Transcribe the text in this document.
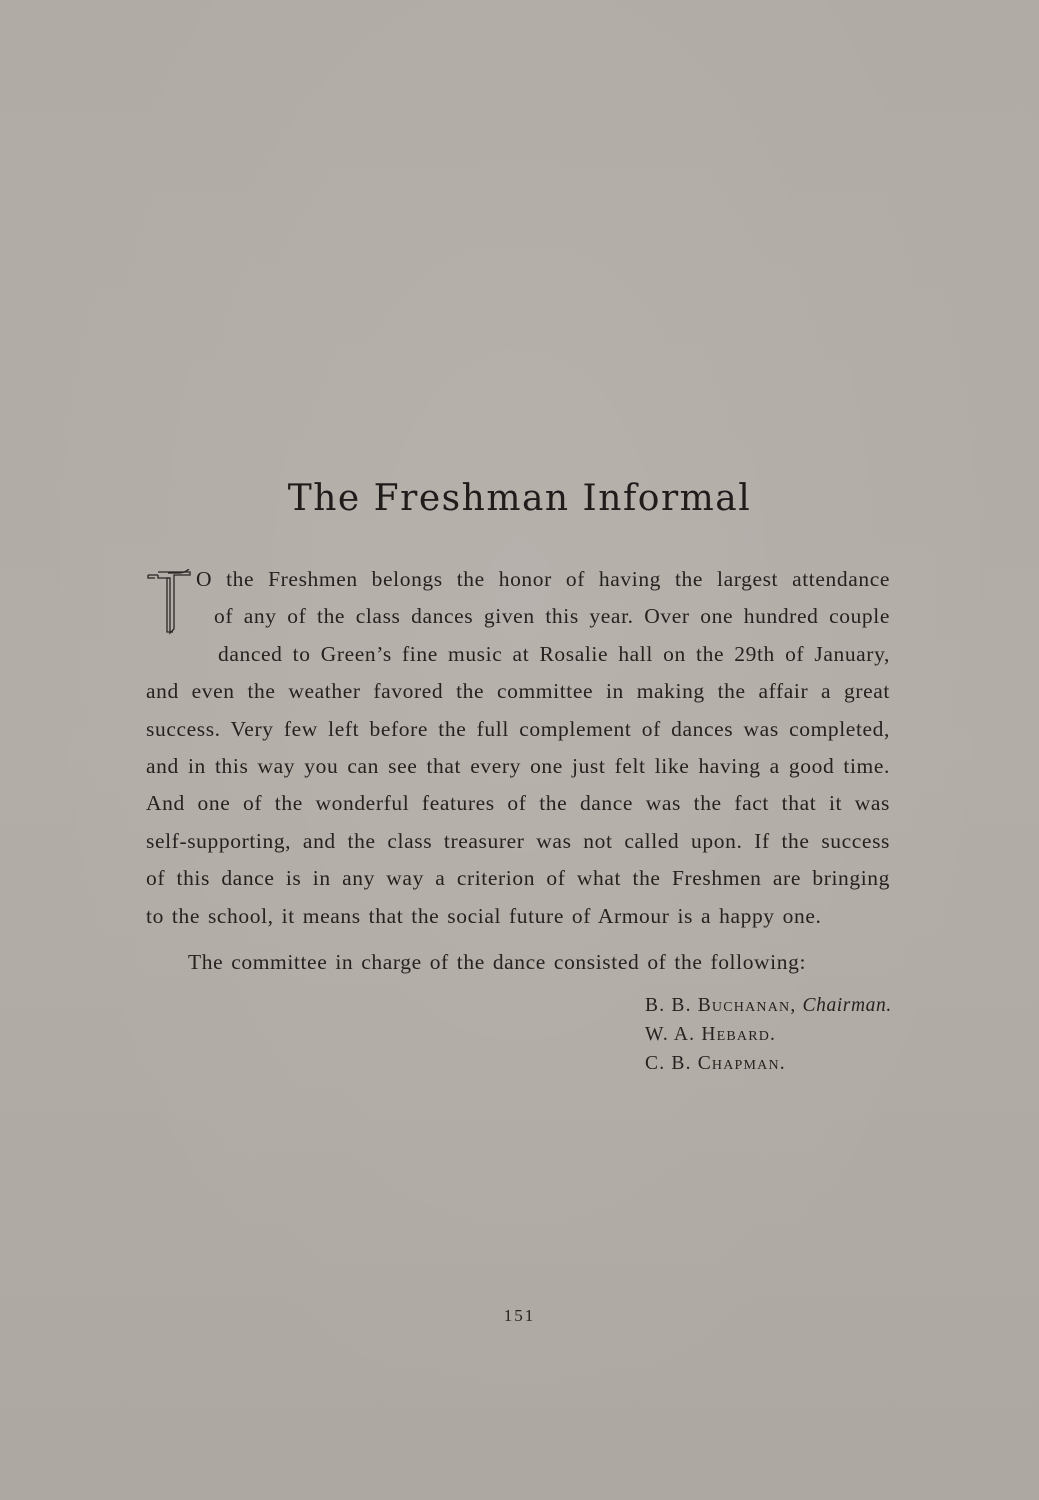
The Freshman Informal
T O the Freshmen belongs the honor of having the largest attendance
of any of the class dances given this year. Over one hundred couple
danced to Green’s fine music at Rosalie hall on the 29th of January,
and even the weather favored the committee in making the affair a great
success. Very few left before the full complement of dances was completed,
and in this way you can see that every one just felt like having a good time.
And one of the wonderful features of the dance was the fact that it was
self-supporting, and the class treasurer was not called upon. If the success
of this dance is in any way a criterion of what the Freshmen are bringing
to the school, it means that the social future of Armour is a happy one.
The committee in charge of the dance consisted of the following:
B. B. Buchanan, Chairman.
W. A. Hebard.
C. B. Chapman.
151
